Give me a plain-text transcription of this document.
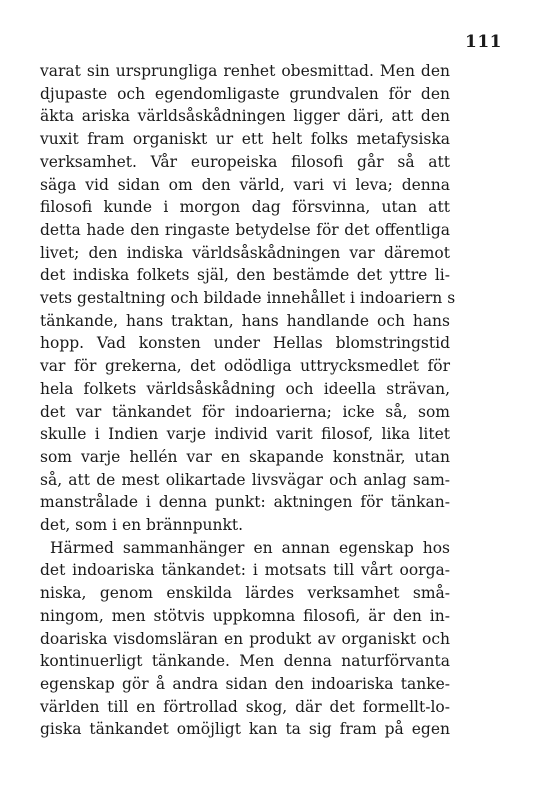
111
varat sin ursprungliga renhet obesmittad. Men den
djupaste och egendomligaste grundvalen för den
äkta ariska världsåskådningen ligger däri, att den
vuxit fram organiskt ur ett helt folks metafysiska
verksamhet. Vår europeiska filosofi går så att
säga vid sidan om den värld, vari vi leva; denna
filosofi kunde i morgon dag försvinna, utan att
detta hade den ringaste betydelse för det offentliga
livet; den indiska världsåskådningen var däremot
det indiska folkets själ, den bestämde det yttre li-
vets gestaltning och bildade innehållet i indoariern s
tänkande, hans traktan, hans handlande och hans
hopp. Vad konsten under Hellas blomstringstid
var för grekerna, det odödliga uttrycksmedlet för
hela folkets världsåskådning och ideella strävan,
det var tänkandet för indoarierna; icke så, som
skulle i Indien varje individ varit filosof, lika litet
som varje hellén var en skapande konstnär, utan
så, att de mest olikartade livsvägar och anlag sam-
manstrålade i denna punkt: aktningen för tänkan-
det, som i en brännpunkt.
Härmed sammanhänger en annan egenskap hos
det indoariska tänkandet: i motsats till vårt oorga-
niska, genom enskilda lärdes verksamhet små-
ningom, men stötvis uppkomna filosofi, är den in-
doariska visdomsläran en produkt av organiskt och
kontinuerligt tänkande. Men denna naturförvanta
egenskap gör å andra sidan den indoariska tanke-
världen till en förtrollad skog, där det formellt-lo-
giska tänkandet omöjligt kan ta sig fram på egen
